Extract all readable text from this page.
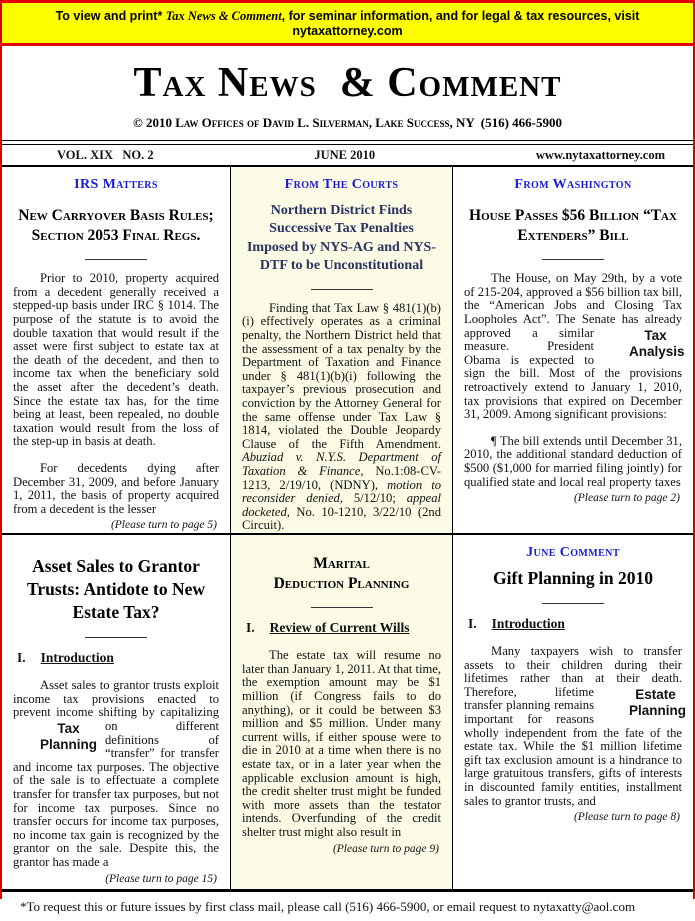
To view and print* Tax News & Comment, for seminar information, and for legal & tax resources, visit nytaxattorney.com
Tax News  & Comment
© 2010 Law Offices of David L. Silverman, Lake Success, NY  (516) 466-5900
VOL. XIX   NO. 2	JUNE 2010	www.nytaxattorney.com
IRS Matters
New Carryover Basis Rules; Section 2053 Final Regs.

Prior to 2010, property acquired from a decedent generally received a stepped-up basis under IRC § 1014. The purpose of the statute is to avoid the double taxation that would result if the asset were first subject to estate tax at the death of the decedent, and then to income tax when the beneficiary sold the asset after the decedent’s death. Since the estate tax has, for the time being at least, been repealed, no double taxation would result from the loss of the step-up in basis at death.

For decedents dying after December 31, 2009, and before January 1, 2011, the basis of property acquired from a decedent is the lesser

(Please turn to page 5)
From The Courts
Northern District Finds Successive Tax Penalties Imposed by NYS-AG and NYS-DTF to be Unconstitutional

Finding that Tax Law § 481(1)(b)(i) effectively operates as a criminal penalty, the Northern District held that the assessment of a tax penalty by the Department of Taxation and Finance under § 481(1)(b)(i) following the taxpayer’s previous prosecution and conviction by the Attorney General for the same offense under Tax Law § 1814, violated the Double Jeopardy Clause of the Fifth Amendment. Abuziad v. N.Y.S. Department of Taxation & Finance, No.1:08-CV-1213, 2/19/10, (NDNY), motion to reconsider denied, 5/12/10; appeal docketed, No. 10-1210, 3/22/10 (2nd Circuit).

From Washington
House Passes $56 Billion “Tax Extenders” Bill

The House, on May 29th, by a vote of 215-204, approved a $56 billion tax bill, the “American Jobs and Closing Tax Loopholes Act”. The Senate has already approved a similar	Tax
Analysis
measure. President Obama is expected to sign the bill. Most of the provisions retroactively extend to January 1, 2010, tax provisions that expired on December 31, 2009. Among significant provisions:

¶ The bill extends until December 31, 2010, the additional standard deduction of $500 ($1,000 for married filing jointly) for qualified state and local real property taxes

(Please turn to page 2)
Asset Sales to Grantor Trusts: Antidote to New Estate Tax?
I. Introduction

Asset sales to grantor trusts exploit income tax provisions enacted to prevent income shifting by
Tax
Planning
capitalizing on different definitions of “transfer” for transfer and income tax purposes. The objective of the sale is to effectuate a complete transfer for transfer tax purposes, but not for income tax purposes. Since no transfer occurs for income tax purposes, no income tax gain is recognized by the grantor on the sale. Despite this, the grantor has made a

(Please turn to page 15)
Marital
Deduction Planning
I. Review of Current Wills

The estate tax will resume no later than January 1, 2011. At that time, the exemption amount may be $1 million (if Congress fails to do anything), or it could be between $3 million and $5 million. Under many current wills, if either spouse were to die in 2010 at a time when there is no estate tax, or in a later year when the applicable exclusion amount is high, the credit shelter trust might be funded with more assets than the testator intends. Overfunding of the credit shelter trust might also result in

(Please turn to page 9)
June Comment
Gift Planning in 2010
I. Introduction

Many taxpayers wish to transfer assets to their children during their lifetimes rather than at their
Estate
Planning
death. Therefore, lifetime transfer planning remains important for reasons wholly independent from the fate of the estate tax. While the $1 million lifetime gift tax exclusion amount is a hindrance to large gratuitous transfers, gifts of interests in discounted family entities, installment sales to grantor trusts, and

(Please turn to page 8)
*To request this or future issues by first class mail, please call (516) 466-5900, or email request to nytaxatty@aol.com
